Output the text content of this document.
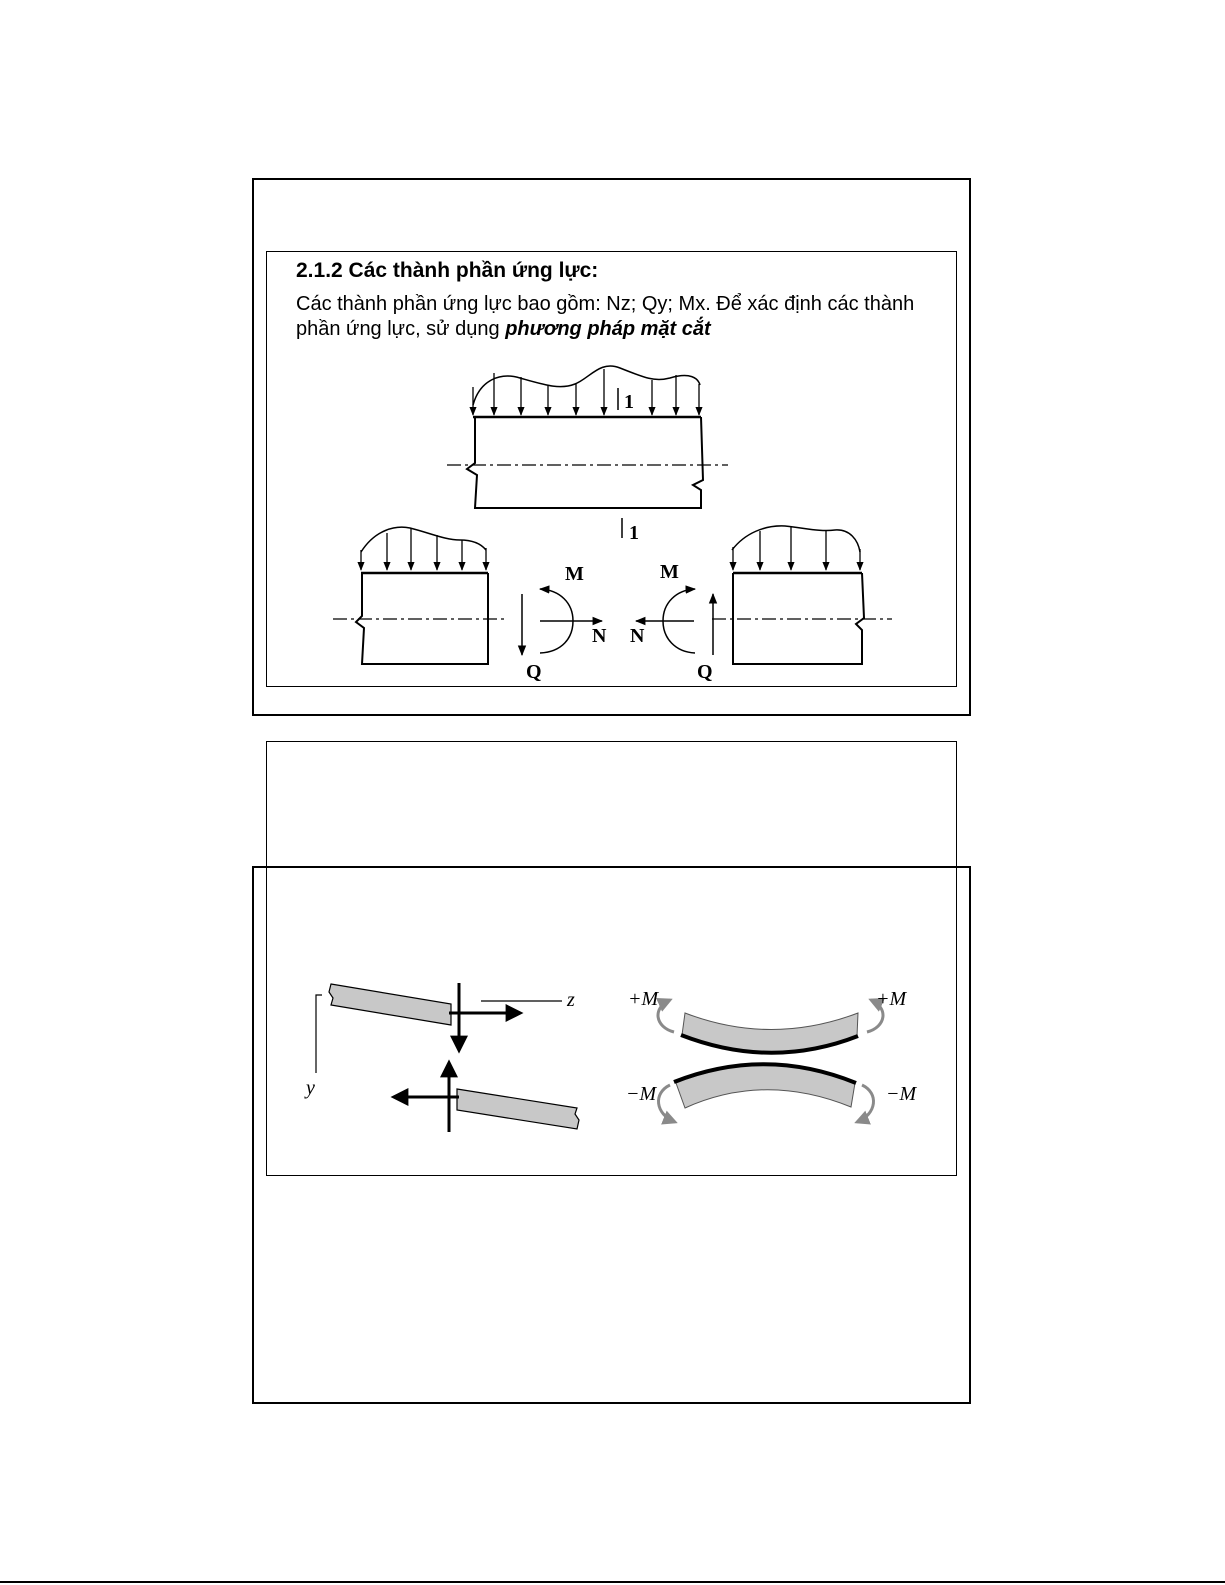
2.1.2 Các thành phần ứng lực:
Các thành phần ứng lực bao gồm: Nz; Qy; Mx. Để xác định các thành phần ứng lực, sử dụng phương pháp mặt cắt
1
1
M
N
Q
M
N
Q
z
y
+M	+M
−M	−M
